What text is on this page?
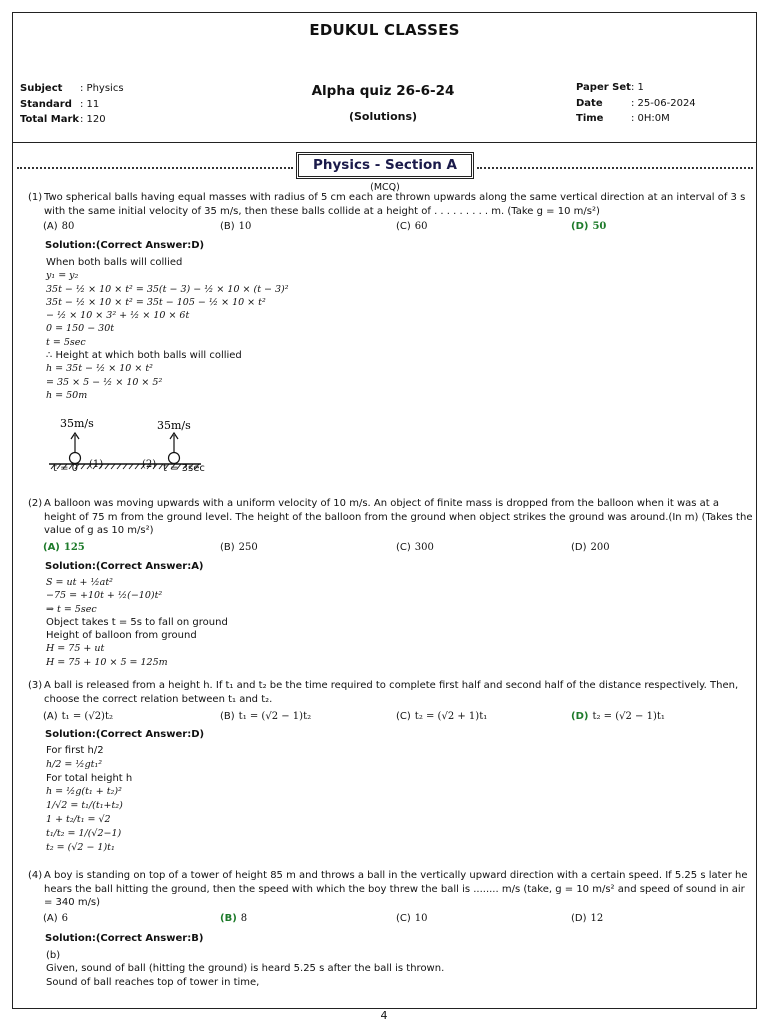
EDUKUL CLASSES
Subject : Physics
Standard : 11
Total Mark: 120
Alpha quiz 26-6-24
(Solutions)
Paper Set: 1
Date	: 25-06-2024
Time	: 0H:0M
Physics - Section A (MCQ)
(1) Two spherical balls having equal masses with radius of 5 cm each are thrown upwards along the same vertical direction at an interval of 3 s with the same initial velocity of 35 m/s, then these balls collide at a height of . . . . . . . . . m. (Take g = 10 m/s²)
(A) 80	(B) 10	(C) 60	(D) 50
Solution:(Correct Answer:D)
When both balls will collied
y₁ = y₂
35t − ½ × 10 × t² = 35(t − 3) − ½ × 10 × (t − 3)²
35t − ½ × 10 × t² = 35t − 105 − ½ × 10 × t²
− ½ × 10 × 3² + ½ × 10 × 6t
0 = 150 − 30t
t = 5sec
∴ Height at which both balls will collied
h = 35t − ½ × 10 × t²
= 35 × 5 − ½ × 10 × 5²
h = 50m
35m/s	35m/s
t = 0 (1)	(2) t = 3sec
(2) A balloon was moving upwards with a uniform velocity of 10 m/s. An object of finite mass is dropped from the balloon when it was at a height of 75 m from the ground level. The height of the balloon from the ground when object strikes the ground was around.(In m) (Takes the value of g as 10 m/s²)
(A) 125	(B) 250	(C) 300	(D) 200
Solution:(Correct Answer:A)
S = ut + ½at²
−75 = +10t + ½(−10)t²
⇒ t = 5sec
Object takes t = 5s to fall on ground
Height of balloon from ground
H = 75 + ut
H = 75 + 10 × 5 = 125m
(3) A ball is released from a height h. If t₁ and t₂ be the time required to complete first half and second half of the distance respectively. Then, choose the correct relation between t₁ and t₂.
(A) t₁ = (√2)t₂	(B) t₁ = (√2 − 1)t₂	(C) t₂ = (√2 + 1)t₁	(D) t₂ = (√2 − 1)t₁
Solution:(Correct Answer:D)
For first h/2
h/2 = ½gt₁²
For total height h
h = ½g(t₁ + t₂)²
1/√2 = t₁/(t₁+t₂)
1 + t₂/t₁ = √2
t₁/t₂ = 1/(√2−1)
t₂ = (√2 − 1)t₁
(4) A boy is standing on top of a tower of height 85 m and throws a ball in the vertically upward direction with a certain speed. If 5.25 s later he hears the ball hitting the ground, then the speed with which the boy threw the ball is ........ m/s (take, g = 10 m/s² and speed of sound in air = 340 m/s)
(A) 6	(B) 8	(C) 10	(D) 12
Solution:(Correct Answer:B)
(b)
Given, sound of ball (hitting the ground) is heard 5.25 s after the ball is thrown.
Sound of ball reaches top of tower in time,
4
